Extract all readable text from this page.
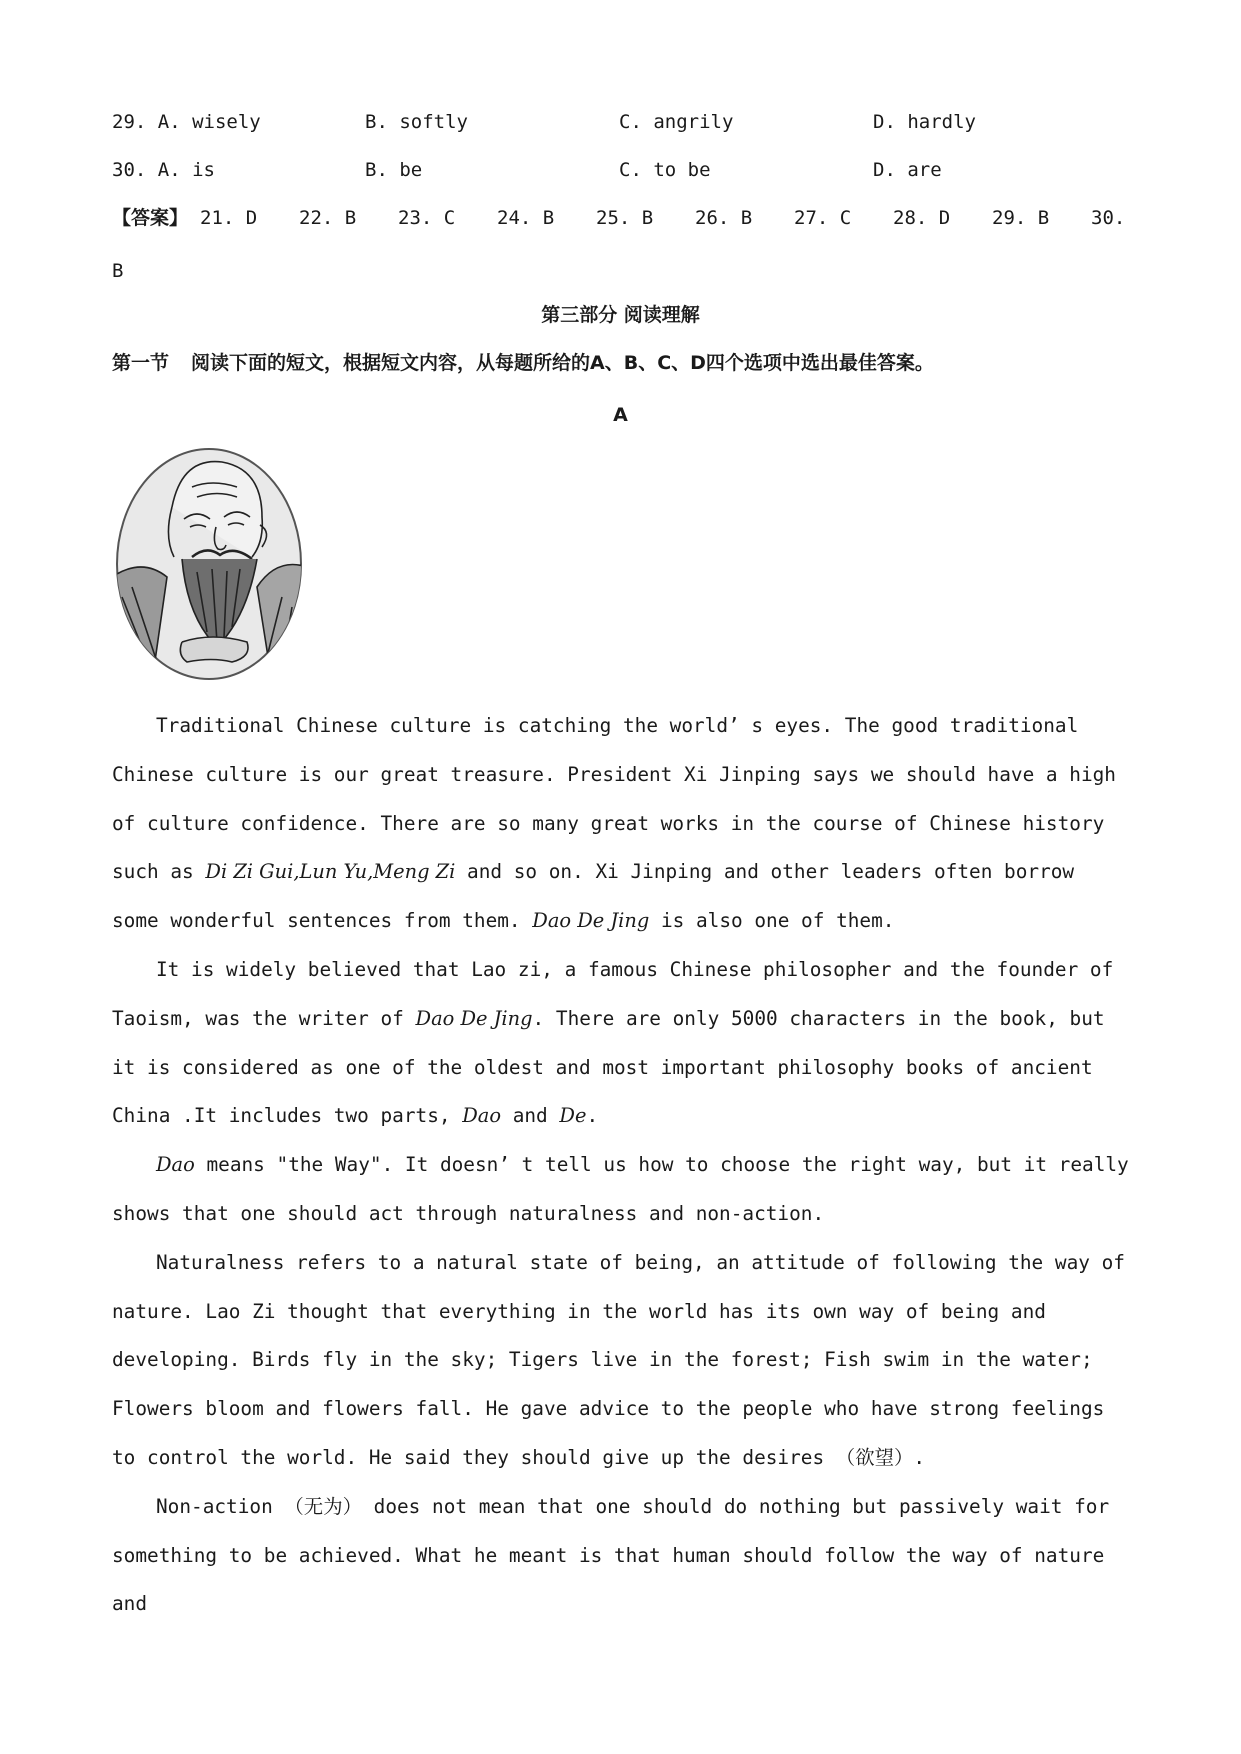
29. A. wisely	B. softly	C. angrily	D. hardly
30. A. is	B. be	C. to be	D. are
【答案】 21. D 22. B 23. C 24. B 25. B 26. B 27. C 28. D 29. B 30.
B
第三部分 阅读理解
第一节 阅读下面的短文，根据短文内容，从每题所给的A、B、C、D四个选项中选出最佳答案。
A

Traditional Chinese culture is catching the world’ s eyes. The good traditional Chinese culture is our great treasure. President Xi Jinping says we should have a high of culture confidence. There are so many great works in the course of Chinese history such as Di Zi Gui,Lun Yu,Meng Zi and so on. Xi Jinping and other leaders often borrow some wonderful sentences from them. Dao De Jing is also one of them.

It is widely believed that Lao zi, a famous Chinese philosopher and the founder of Taoism, was the writer of Dao De Jing. There are only 5000 characters in the book, but it is considered as one of the oldest and most important philosophy books of ancient China .It includes two parts, Dao and De.

Dao means "the Way". It doesn’ t tell us how to choose the right way, but it really shows that one should act through naturalness and non-action.

Naturalness refers to a natural state of being, an attitude of following the way of nature. Lao Zi thought that everything in the world has its own way of being and developing. Birds fly in the sky; Tigers live in the forest; Fish swim in the water; Flowers bloom and flowers fall. He gave advice to the people who have strong feelings to control the world. He said they should give up the desires （欲望）.

Non-action （无为） does not mean that one should do nothing but passively wait for something to be achieved. What he meant is that human should follow the way of nature and
